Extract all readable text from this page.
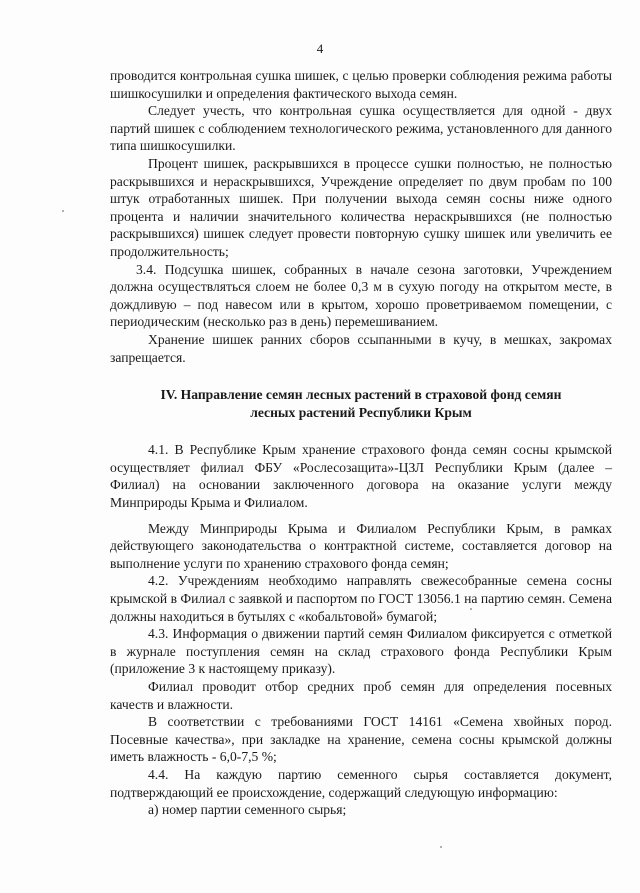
4

проводится контрольная сушка шишек, с целью проверки соблюдения режима работы шишкосушилки и определения фактического выхода семян.

Следует учесть, что контрольная сушка осуществляется для одной - двух партий шишек с соблюдением технологического режима, установленного для данного типа шишкосушилки.

Процент шишек, раскрывшихся в процессе сушки полностью, не полностью раскрывшихся и нераскрывшихся, Учреждение определяет по двум пробам по 100 штук отработанных шишек. При получении выхода семян сосны ниже одного процента и наличии значительного количества нераскрывшихся (не полностью раскрывшихся) шишек следует провести повторную сушку шишек или увеличить ее продолжительность;

3.4. Подсушка шишек, собранных в начале сезона заготовки, Учреждением должна осуществляться слоем не более 0,3 м в сухую погоду на открытом месте, в дождливую – под навесом или в крытом, хорошо проветриваемом помещении, с периодическим (несколько раз в день) перемешиванием.

Хранение шишек ранних сборов ссыпанными в кучу, в мешках, закромах запрещается.

IV. Направление семян лесных растений в страховой фонд семян
лесных растений Республики Крым

4.1. В Республике Крым хранение страхового фонда семян сосны крымской осуществляет филиал ФБУ «Рослесозащита»-ЦЗЛ Республики Крым (далее – Филиал) на основании заключенного договора на оказание услуги между Минприроды Крыма и Филиалом.

Между Минприроды Крыма и Филиалом Республики Крым, в рамках действующего законодательства о контрактной системе, составляется договор на выполнение услуги по хранению страхового фонда семян;

4.2. Учреждениям необходимо направлять свежесобранные семена сосны крымской в Филиал с заявкой и паспортом по ГОСТ 13056.1 на партию семян. Семена должны находиться в бутылях с «кобальтовой» бумагой;

4.3. Информация о движении партий семян Филиалом фиксируется с отметкой в журнале поступления семян на склад страхового фонда Республики Крым (приложение 3 к настоящему приказу).

Филиал проводит отбор средних проб семян для определения посевных качеств и влажности.

В соответствии с требованиями ГОСТ 14161 «Семена хвойных пород. Посевные качества», при закладке на хранение, семена сосны крымской должны иметь влажность - 6,0-7,5 %;

4.4. На каждую партию семенного сырья составляется документ, подтверждающий ее происхождение, содержащий следующую информацию:

а) номер партии семенного сырья;
